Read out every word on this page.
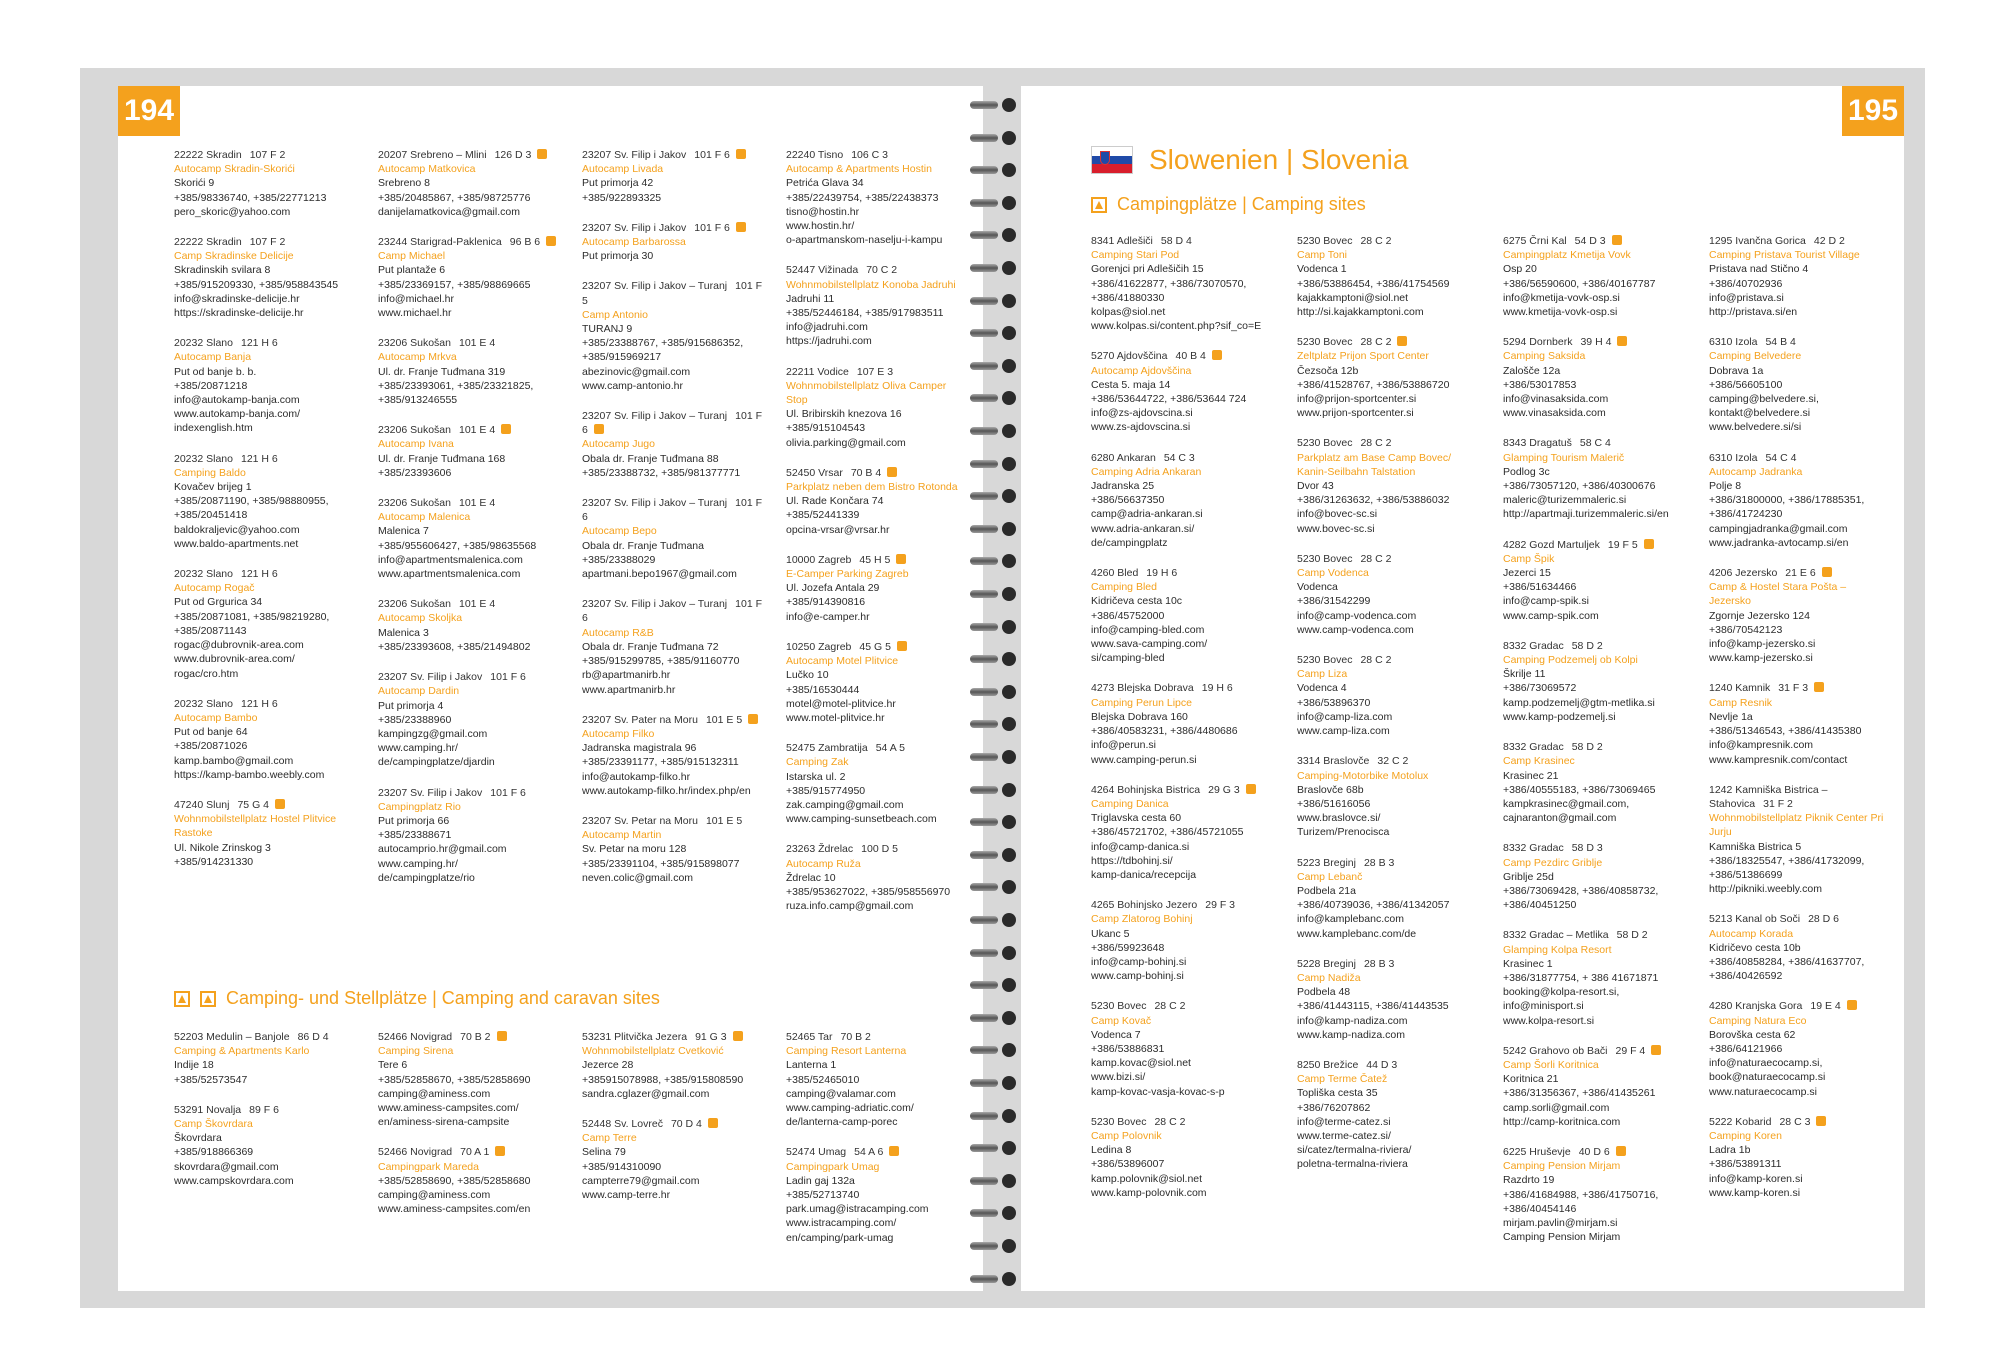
194
22222 Skradin 107 F 2
Autocamp Skradin-Skorići
Skorići 9
+385/98336740, +385/22771213
pero_skoric@yahoo.com
22222 Skradin 107 F 2
Camp Skradinske Delicije
Skradinskih svilara 8
+385/915209330, +385/958843545
info@skradinske-delicije.hr
https://skradinske-delicije.hr
20232 Slano 121 H 6
Autocamp Banja
Put od banje b. b.
+385/20871218
info@autokamp-banja.com
www.autokamp-banja.com/
indexenglish.htm
20232 Slano 121 H 6
Camping Baldo
Kovačev brijeg 1
+385/20871190, +385/98880955,
+385/20451418
baldokraljevic@yahoo.com
www.baldo-apartments.net
20232 Slano 121 H 6
Autocamp Rogač
Put od Grgurica 34
+385/20871081, +385/98219280,
+385/20871143
rogac@dubrovnik-area.com
www.dubrovnik-area.com/
rogac/cro.htm
20232 Slano 121 H 6
Autocamp Bambo
Put od banje 64
+385/20871026
kamp.bambo@gmail.com
https://kamp-bambo.weebly.com
47240 Slunj 75 G 4
Wohnmobilstellplatz Hostel Plitvice Rastoke
Ul. Nikole Zrinskog 3
+385/914231330
20207 Srebreno – Mlini 126 D 3
Autocamp Matkovica
Srebreno 8
+385/20485867, +385/98725776
danijelamatkovica@gmail.com
23244 Starigrad-Paklenica 96 B 6
Camp Michael
Put plantaže 6
+385/23369157, +385/98869665
info@michael.hr
www.michael.hr
23206 Sukošan 101 E 4
Autocamp Mrkva
Ul. dr. Franje Tuđmana 319
+385/23393061, +385/23321825,
+385/913246555
23206 Sukošan 101 E 4
Autocamp Ivana
Ul. dr. Franje Tuđmana 168
+385/23393606
23206 Sukošan 101 E 4
Autocamp Malenica
Malenica 7
+385/955606427, +385/98635568
info@apartmentsmalenica.com
www.apartmentsmalenica.com
23206 Sukošan 101 E 4
Autocamp Skoljka
Malenica 3
+385/23393608, +385/21494802
23207 Sv. Filip i Jakov 101 F 6
Autocamp Dardin
Put primorja 4
+385/23388960
kampingzg@gmail.com
www.camping.hr/
de/campingplatze/djardin
23207 Sv. Filip i Jakov 101 F 6
Campingplatz Rio
Put primorja 66
+385/23388671
autocamprio.hr@gmail.com
www.camping.hr/
de/campingplatze/rio
23207 Sv. Filip i Jakov 101 F 6
Autocamp Livada
Put primorja 42
+385/922893325
23207 Sv. Filip i Jakov 101 F 6
Autocamp Barbarossa
Put primorja 30
23207 Sv. Filip i Jakov – Turanj 101 F 5
Camp Antonio
TURANJ 9
+385/23388767, +385/915686352,
+385/915969217
abezinovic@gmail.com
www.camp-antonio.hr
23207 Sv. Filip i Jakov – Turanj 101 F 6
Autocamp Jugo
Obala dr. Franje Tuđmana 88
+385/23388732, +385/981377771
23207 Sv. Filip i Jakov – Turanj 101 F 6
Autocamp Bepo
Obala dr. Franje Tuđmana
+385/23388029
apartmani.bepo1967@gmail.com
23207 Sv. Filip i Jakov – Turanj 101 F 6
Autocamp R&B
Obala dr. Franje Tuđmana 72
+385/915299785, +385/91160770
rb@apartmanirb.hr
www.apartmanirb.hr
23207 Sv. Pater na Moru 101 E 5
Autocamp Filko
Jadranska magistrala 96
+385/23391177, +385/915132311
info@autokamp-filko.hr
www.autokamp-filko.hr/index.php/en
23207 Sv. Petar na Moru 101 E 5
Autocamp Martin
Sv. Petar na moru 128
+385/23391104, +385/915898077
neven.colic@gmail.com
22240 Tisno 106 C 3
Autocamp & Apartments Hostin
Petrića Glava 34
+385/22439754, +385/22438373
tisno@hostin.hr
www.hostin.hr/
o-apartmanskom-naselju-i-kampu
52447 Vižinada 70 C 2
Wohnmobilstellplatz Konoba Jadruhi
Jadruhi 11
+385/52446184, +385/917983511
info@jadruhi.com
https://jadruhi.com
22211 Vodice 107 E 3
Wohnmobilstellplatz Oliva Camper Stop
Ul. Bribirskih knezova 16
+385/915104543
olivia.parking@gmail.com
52450 Vrsar 70 B 4
Parkplatz neben dem Bistro Rotonda
Ul. Rade Končara 74
+385/52441339
opcina-vrsar@vrsar.hr
10000 Zagreb 45 H 5
E-Camper Parking Zagreb
Ul. Jozefa Antala 29
+385/914390816
info@e-camper.hr
10250 Zagreb 45 G 5
Autocamp Motel Plitvice
Lučko 10
+385/16530444
motel@motel-plitvice.hr
www.motel-plitvice.hr
52475 Zambratija 54 A 5
Camping Zak
Istarska ul. 2
+385/915774950
zak.camping@gmail.com
www.camping-sunsetbeach.com
23263 Ždrelac 100 D 5
Autocamp Ruža
Ždrelac 10
+385/953627022, +385/958556970
ruza.info.camp@gmail.com
Camping- und Stellplätze | Camping and caravan sites
52203 Medulin – Banjole 86 D 4
Camping & Apartments Karlo
Indije 18
+385/52573547
53291 Novalja 89 F 6
Camp Škovrdara
Škovrdara
+385/918866369
skovrdara@gmail.com
www.campskovrdara.com
52466 Novigrad 70 B 2
Camping Sirena
Tere 6
+385/52858670, +385/52858690
camping@aminess.com
www.aminess-campsites.com/
en/aminess-sirena-campsite
52466 Novigrad 70 A 1
Campingpark Mareda
+385/52858690, +385/52858680
camping@aminess.com
www.aminess-campsites.com/en
53231 Plitvička Jezera 91 G 3
Wohnmobilstellplatz Cvetković
Jezerce 28
+385915078988, +385/915808590
sandra.cglazer@gmail.com
52448 Sv. Lovreč 70 D 4
Camp Terre
Selina 79
+385/914310090
campterre79@gmail.com
www.camp-terre.hr
52465 Tar 70 B 2
Camping Resort Lanterna
Lanterna 1
+385/52465010
camping@valamar.com
www.camping-adriatic.com/
de/lanterna-camp-porec
52474 Umag 54 A 6
Campingpark Umag
Ladin gaj 132a
+385/52713740
park.umag@istracamping.com
www.istracamping.com/
en/camping/park-umag
195
Slowenien | Slovenia
Campingplätze | Camping sites
8341 Adlešiči 58 D 4
Camping Stari Pod
Gorenjci pri Adlešičih 15
+386/41622877, +386/73070570,
+386/41880330
kolpas@siol.net
www.kolpas.si/content.php?sif_co=E
5270 Ajdovščina 40 B 4
Autocamp Ajdovščina
Cesta 5. maja 14
+386/53644722, +386/53644 724
info@zs-ajdovscina.si
www.zs-ajdovscina.si
6280 Ankaran 54 C 3
Camping Adria Ankaran
Jadranska 25
+386/56637350
camp@adria-ankaran.si
www.adria-ankaran.si/
de/campingplatz
4260 Bled 19 H 6
Camping Bled
Kidričeva cesta 10c
+386/45752000
info@camping-bled.com
www.sava-camping.com/
si/camping-bled
4273 Blejska Dobrava 19 H 6
Camping Perun Lipce
Blejska Dobrava 160
+386/40583231, +386/4480686
info@perun.si
www.camping-perun.si
4264 Bohinjska Bistrica 29 G 3
Camping Danica
Triglavska cesta 60
+386/45721702, +386/45721055
info@camp-danica.si
https://tdbohinj.si/
kamp-danica/recepcija
4265 Bohinjsko Jezero 29 F 3
Camp Zlatorog Bohinj
Ukanc 5
+386/59923648
info@camp-bohinj.si
www.camp-bohinj.si
5230 Bovec 28 C 2
Camp Kovač
Vodenca 7
+386/53886831
kamp.kovac@siol.net
www.bizi.si/
kamp-kovac-vasja-kovac-s-p
5230 Bovec 28 C 2
Camp Polovnik
Ledina 8
+386/53896007
kamp.polovnik@siol.net
www.kamp-polovnik.com
5230 Bovec 28 C 2
Camp Toni
Vodenca 1
+386/53886454, +386/41754569
kajakkamptoni@siol.net
http://si.kajakkamptoni.com
5230 Bovec 28 C 2
Zeltplatz Prijon Sport Center
Čezsoča 12b
+386/41528767, +386/53886720
info@prijon-sportcenter.si
www.prijon-sportcenter.si
5230 Bovec 28 C 2
Parkplatz am Base Camp Bovec/ Kanin-Seilbahn Talstation
Dvor 43
+386/31263632, +386/53886032
info@bovec-sc.si
www.bovec-sc.si
5230 Bovec 28 C 2
Camp Vodenca
Vodenca
+386/31542299
info@camp-vodenca.com
www.camp-vodenca.com
5230 Bovec 28 C 2
Camp Liza
Vodenca 4
+386/53896370
info@camp-liza.com
www.camp-liza.com
3314 Braslovče 32 C 2
Camping-Motorbike Motolux
Braslovče 68b
+386/51616056
www.braslovce.si/
Turizem/Prenocisca
5223 Breginj 28 B 3
Camp Lebanč
Podbela 21a
+386/40739036, +386/41342057
info@kamplebanc.com
www.kamplebanc.com/de
5228 Breginj 28 B 3
Camp Nadiža
Podbela 48
+386/41443115, +386/41443535
info@kamp-nadiza.com
www.kamp-nadiza.com
8250 Brežice 44 D 3
Camp Terme Čatež
Topliška cesta 35
+386/76207862
info@terme-catez.si
www.terme-catez.si/
si/catez/termalna-riviera/
poletna-termalna-riviera
6275 Črni Kal 54 D 3
Campingplatz Kmetija Vovk
Osp 20
+386/56590600, +386/40167787
info@kmetija-vovk-osp.si
www.kmetija-vovk-osp.si
5294 Dornberk 39 H 4
Camping Saksida
Zalošče 12a
+386/53017853
info@vinasaksida.com
www.vinasaksida.com
8343 Dragatuš 58 C 4
Glamping Tourism Malerič
Podlog 3c
+386/73057120, +386/40300676
maleric@turizemmaleric.si
http://apartmaji.turizemmaleric.si/en
4282 Gozd Martuljek 19 F 5
Camp Špik
Jezerci 15
+386/51634466
info@camp-spik.si
www.camp-spik.com
8332 Gradac 58 D 2
Camping Podzemelj ob Kolpi
Škrilje 11
+386/73069572
kamp.podzemelj@gtm-metlika.si
www.kamp-podzemelj.si
8332 Gradac 58 D 2
Camp Krasinec
Krasinec 21
+386/40555183, +386/73069465
kampkrasinec@gmail.com,
cajnaranton@gmail.com
8332 Gradac 58 D 3
Camp Pezdirc Gribljе
Griblje 25d
+386/73069428, +386/40858732,
+386/40451250
8332 Gradac – Metlika 58 D 2
Glamping Kolpa Resort
Krasinec 1
+386/31877754, + 386 41671871
booking@kolpa-resort.si,
info@minisport.si
www.kolpa-resort.si
5242 Grahovo ob Bači 29 F 4
Camp Šorli Koritnica
Koritnica 21
+386/31356367, +386/41435261
camp.sorli@gmail.com
http://camp-koritnica.com
6225 Hruševje 40 D 6
Camping Pension Mirjam
Razdrto 19
+386/41684988, +386/41750716,
+386/40454146
mirjam.pavlin@mirjam.si
Camping Pension Mirjam
1295 Ivančna Gorica 42 D 2
Camping Pristava Tourist Village
Pristava nad Stično 4
+386/40702936
info@pristava.si
http://pristava.si/en
6310 Izola 54 B 4
Camping Belvedere
Dobrava 1a
+386/56605100
camping@belvedere.si,
kontakt@belvedere.si
www.belvedere.si/si
6310 Izola 54 C 4
Autocamp Jadranka
Polje 8
+386/31800000, +386/17885351,
+386/41724230
campingjadranka@gmail.com
www.jadranka-avtocamp.si/en
4206 Jezersko 21 E 6
Camp & Hostel Stara Pošta – Jezersko
Zgornje Jezersko 124
+386/70542123
info@kamp-jezersko.si
www.kamp-jezersko.si
1240 Kamnik 31 F 3
Camp Resnik
Nevlje 1a
+386/51346543, +386/41435380
info@kampresnik.com
www.kampresnik.com/contact
1242 Kamniška Bistrica – Stahovica 31 F 2
Wohnmobilstellplatz Piknik Center Pri Jurju
Kamniška Bistrica 5
+386/18325547, +386/41732099,
+386/51386699
http://pikniki.weebly.com
5213 Kanal ob Soči 28 D 6
Autocamp Korada
Kidričevo cesta 10b
+386/40858284, +386/41637707,
+386/40426592
4280 Kranjska Gora 19 E 4
Camping Natura Eco
Borovška cesta 62
+386/64121966
info@naturaecocamp.si,
book@naturaecocamp.si
www.naturaecocamp.si
5222 Kobarid 28 C 3
Camping Koren
Ladra 1b
+386/53891311
info@kamp-koren.si
www.kamp-koren.si
